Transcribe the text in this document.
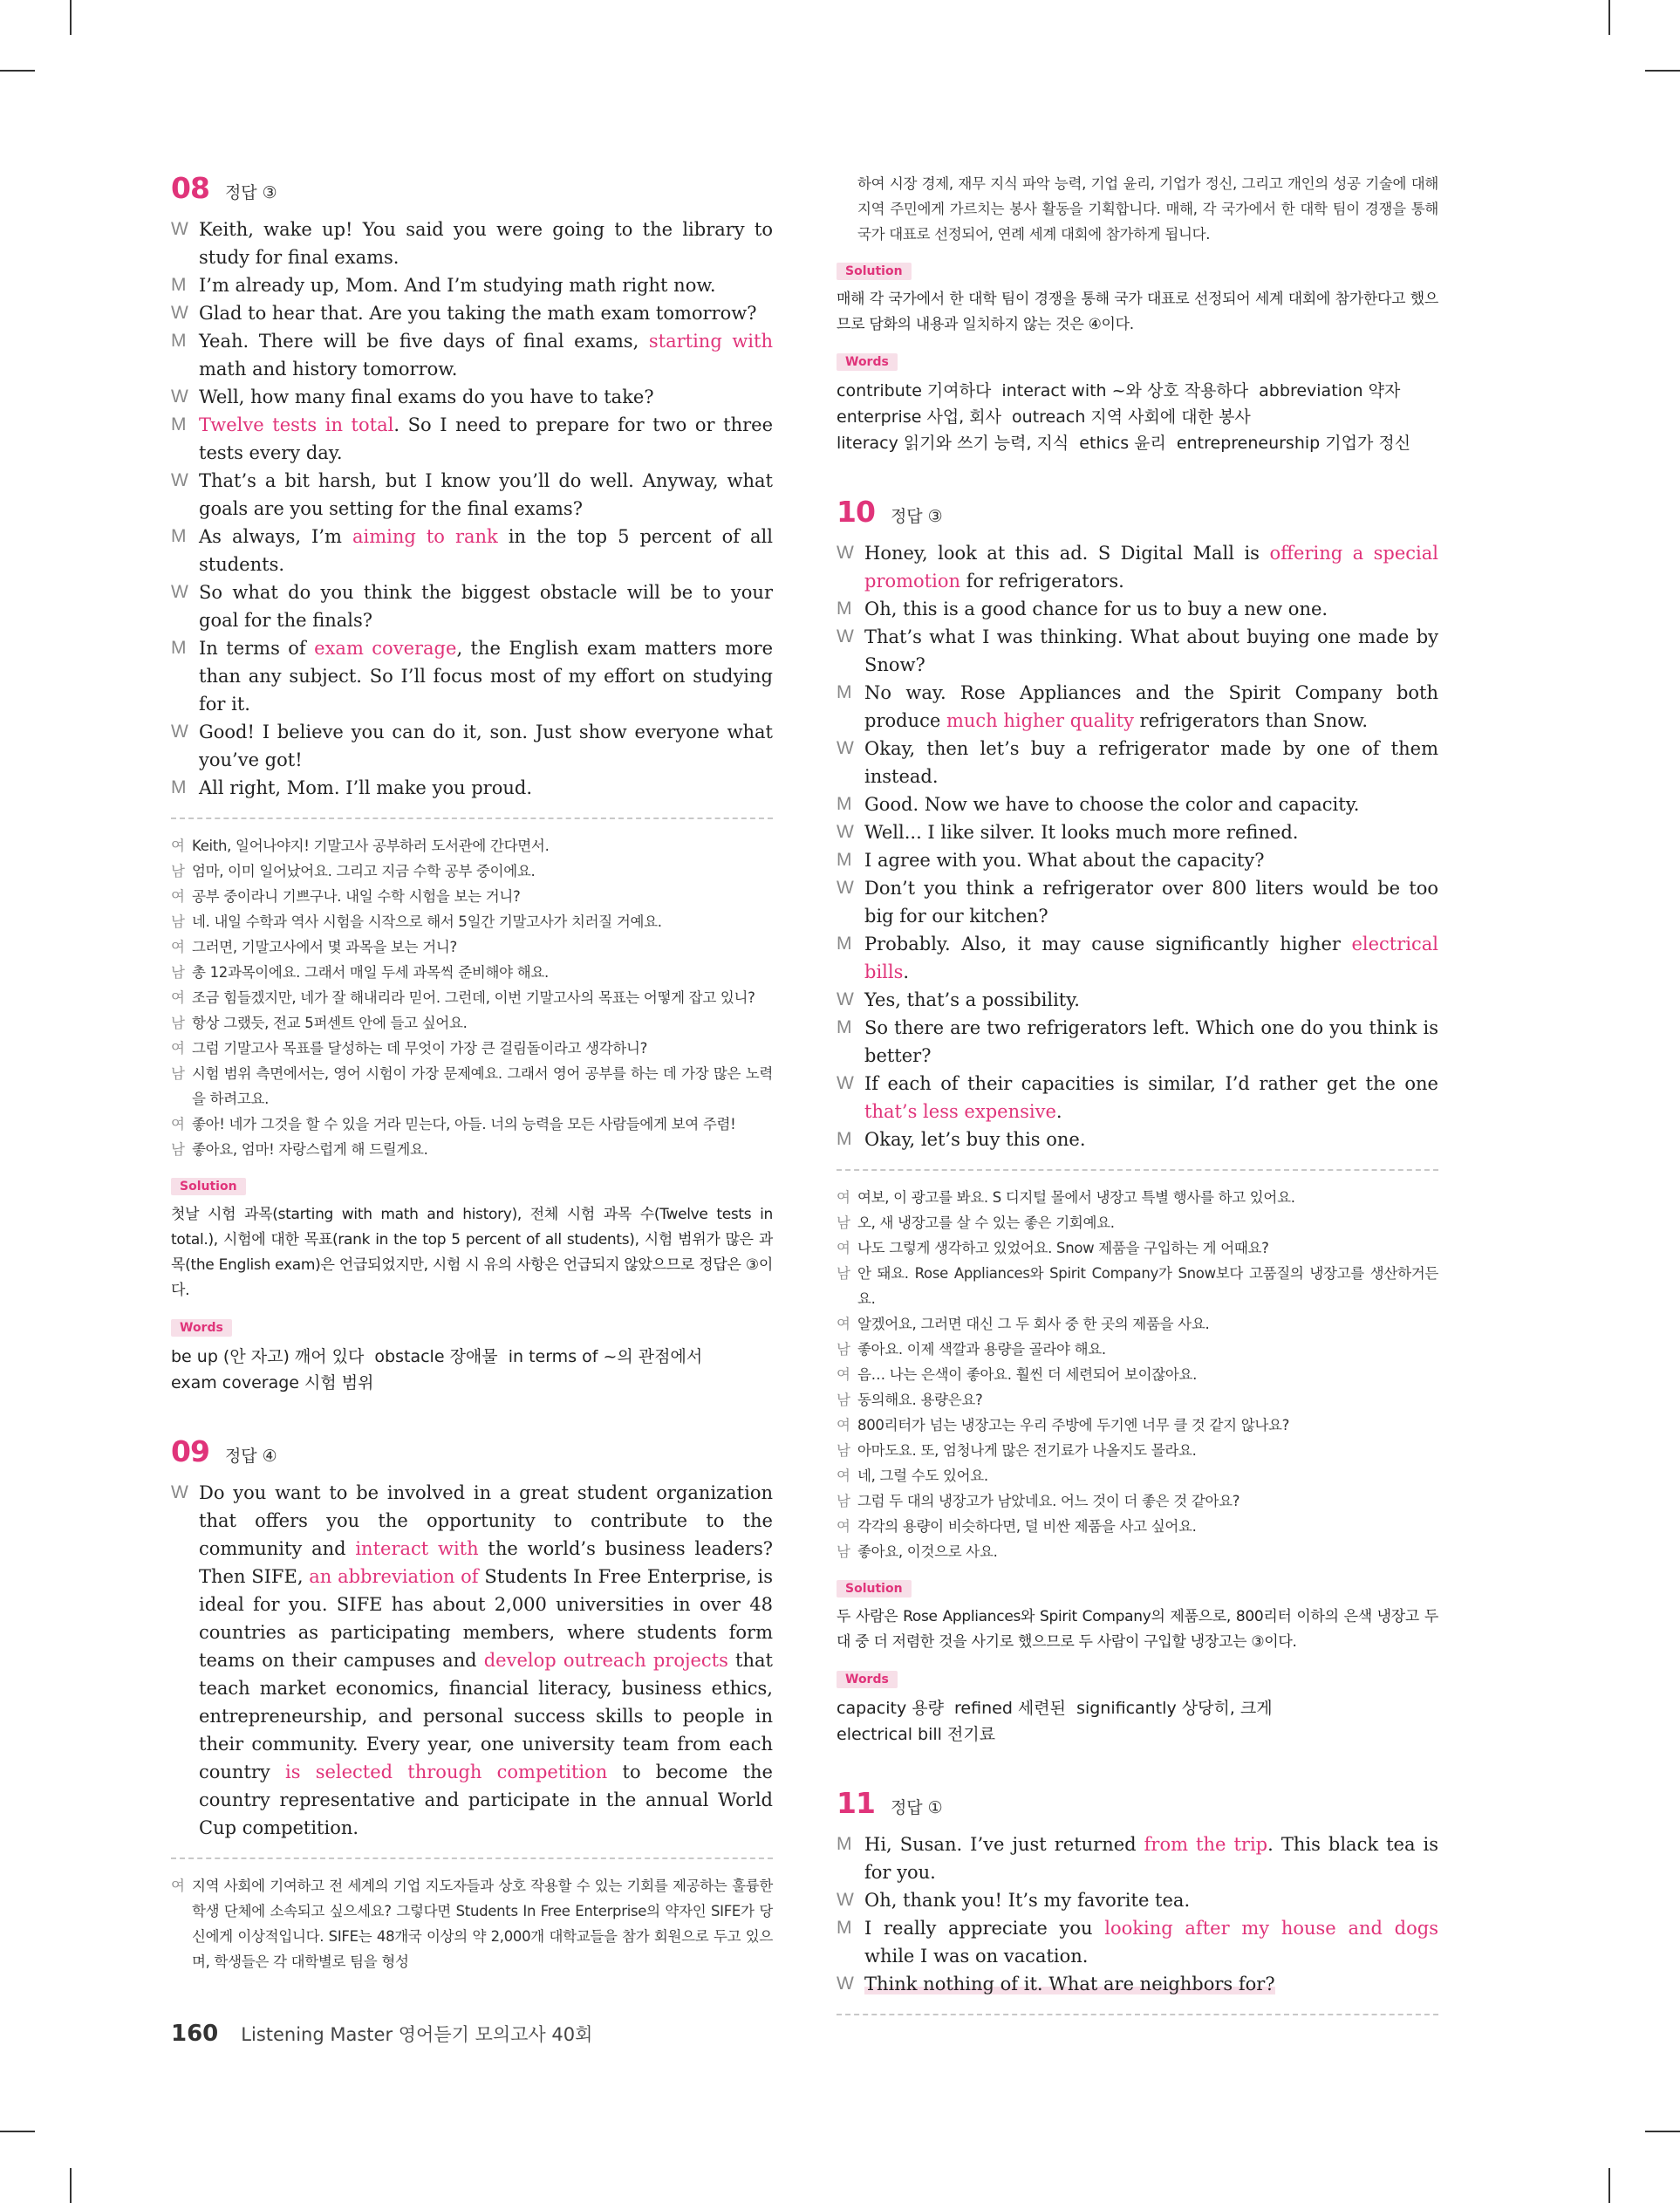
08 정답 ③
W Keith, wake up! You said you were going to the library to study for final exams.
M I’m already up, Mom. And I’m studying math right now.
W Glad to hear that. Are you taking the math exam tomorrow?
M Yeah. There will be five days of final exams, starting with math and history tomorrow.
W Well, how many final exams do you have to take?
M Twelve tests in total. So I need to prepare for two or three tests every day.
W That’s a bit harsh, but I know you’ll do well. Anyway, what goals are you setting for the final exams?
M As always, I’m aiming to rank in the top 5 percent of all students.
W So what do you think the biggest obstacle will be to your goal for the finals?
M In terms of exam coverage, the English exam matters more than any subject. So I’ll focus most of my effort on studying for it.
W Good! I believe you can do it, son. Just show everyone what you’ve got!
M All right, Mom. I’ll make you proud.
여 Keith, 일어나야지! 기말고사 공부하러 도서관에 간다면서.
남 엄마, 이미 일어났어요. 그리고 지금 수학 공부 중이에요.
여 공부 중이라니 기쁘구나. 내일 수학 시험을 보는 거니?
남 네. 내일 수학과 역사 시험을 시작으로 해서 5일간 기말고사가 치러질 거예요.
여 그러면, 기말고사에서 몇 과목을 보는 거니?
남 총 12과목이에요. 그래서 매일 두세 과목씩 준비해야 해요.
여 조금 힘들겠지만, 네가 잘 해내리라 믿어. 그런데, 이번 기말고사의 목표는 어떻게 잡고 있니?
남 항상 그랬듯, 전교 5퍼센트 안에 들고 싶어요.
여 그럼 기말고사 목표를 달성하는 데 무엇이 가장 큰 걸림돌이라고 생각하니?
남 시험 범위 측면에서는, 영어 시험이 가장 문제예요. 그래서 영어 공부를 하는 데 가장 많은 노력을 하려고요.
여 좋아! 네가 그것을 할 수 있을 거라 믿는다, 아들. 너의 능력을 모든 사람들에게 보여 주렴!
남 좋아요, 엄마! 자랑스럽게 해 드릴게요.
Solution
첫날 시험 과목(starting with math and history), 전체 시험 과목 수(Twelve tests in total.), 시험에 대한 목표(rank in the top 5 percent of all students), 시험 범위가 많은 과목(the English exam)은 언급되었지만, 시험 시 유의 사항은 언급되지 않았으므로 정답은 ③이다.
Words
be up (안 자고) 깨어 있다  obstacle 장애물  in terms of ~의 관점에서
exam coverage 시험 범위
09 정답 ④
W Do you want to be involved in a great student organization that offers you the opportunity to contribute to the community and interact with the world’s business leaders? Then SIFE, an abbreviation of Students In Free Enterprise, is ideal for you. SIFE has about 2,000 universities in over 48 countries as participating members, where students form teams on their campuses and develop outreach projects that teach market economics, financial literacy, business ethics, entrepreneurship, and personal success skills to people in their community. Every year, one university team from each country is selected through competition to become the country representative and participate in the annual World Cup competition.
여 지역 사회에 기여하고 전 세계의 기업 지도자들과 상호 작용할 수 있는 기회를 제공하는 훌륭한 학생 단체에 소속되고 싶으세요? 그렇다면 Students In Free Enterprise의 약자인 SIFE가 당신에게 이상적입니다. SIFE는 48개국 이상의 약 2,000개 대학교들을 참가 회원으로 두고 있으며, 학생들은 각 대학별로 팀을 형성
하여 시장 경제, 재무 지식 파악 능력, 기업 윤리, 기업가 정신, 그리고 개인의 성공 기술에 대해 지역 주민에게 가르치는 봉사 활동을 기획합니다. 매해, 각 국가에서 한 대학 팀이 경쟁을 통해 국가 대표로 선정되어, 연례 세계 대회에 참가하게 됩니다.
Solution
매해 각 국가에서 한 대학 팀이 경쟁을 통해 국가 대표로 선정되어 세계 대회에 참가한다고 했으므로 담화의 내용과 일치하지 않는 것은 ④이다.
Words
contribute 기여하다  interact with ~와 상호 작용하다  abbreviation 약자
enterprise 사업, 회사  outreach 지역 사회에 대한 봉사
literacy 읽기와 쓰기 능력, 지식  ethics 윤리  entrepreneurship 기업가 정신
10 정답 ③
W Honey, look at this ad. S Digital Mall is offering a special promotion for refrigerators.
M Oh, this is a good chance for us to buy a new one.
W That’s what I was thinking. What about buying one made by Snow?
M No way. Rose Appliances and the Spirit Company both produce much higher quality refrigerators than Snow.
W Okay, then let’s buy a refrigerator made by one of them instead.
M Good. Now we have to choose the color and capacity.
W Well... I like silver. It looks much more refined.
M I agree with you. What about the capacity?
W Don’t you think a refrigerator over 800 liters would be too big for our kitchen?
M Probably. Also, it may cause significantly higher electrical bills.
W Yes, that’s a possibility.
M So there are two refrigerators left. Which one do you think is better?
W If each of their capacities is similar, I’d rather get the one that’s less expensive.
M Okay, let’s buy this one.
여 여보, 이 광고를 봐요. S 디지털 몰에서 냉장고 특별 행사를 하고 있어요.
남 오, 새 냉장고를 살 수 있는 좋은 기회예요.
여 나도 그렇게 생각하고 있었어요. Snow 제품을 구입하는 게 어때요?
남 안 돼요. Rose Appliances와 Spirit Company가 Snow보다 고품질의 냉장고를 생산하거든요.
여 알겠어요, 그러면 대신 그 두 회사 중 한 곳의 제품을 사요.
남 좋아요. 이제 색깔과 용량을 골라야 해요.
여 음… 나는 은색이 좋아요. 훨씬 더 세련되어 보이잖아요.
남 동의해요. 용량은요?
여 800리터가 넘는 냉장고는 우리 주방에 두기엔 너무 클 것 같지 않나요?
남 아마도요. 또, 엄청나게 많은 전기료가 나올지도 몰라요.
여 네, 그럴 수도 있어요.
남 그럼 두 대의 냉장고가 남았네요. 어느 것이 더 좋은 것 같아요?
여 각각의 용량이 비슷하다면, 덜 비싼 제품을 사고 싶어요.
남 좋아요, 이것으로 사요.
Solution
두 사람은 Rose Appliances와 Spirit Company의 제품으로, 800리터 이하의 은색 냉장고 두 대 중 더 저렴한 것을 사기로 했으므로 두 사람이 구입할 냉장고는 ③이다.
Words
capacity 용량  refined 세련된  significantly 상당히, 크게
electrical bill 전기료
11 정답 ①
M Hi, Susan. I’ve just returned from the trip. This black tea is for you.
W Oh, thank you! It’s my favorite tea.
M I really appreciate you looking after my house and dogs while I was on vacation.
W Think nothing of it. What are neighbors for?
160 Listening Master 영어듣기 모의고사 40회
